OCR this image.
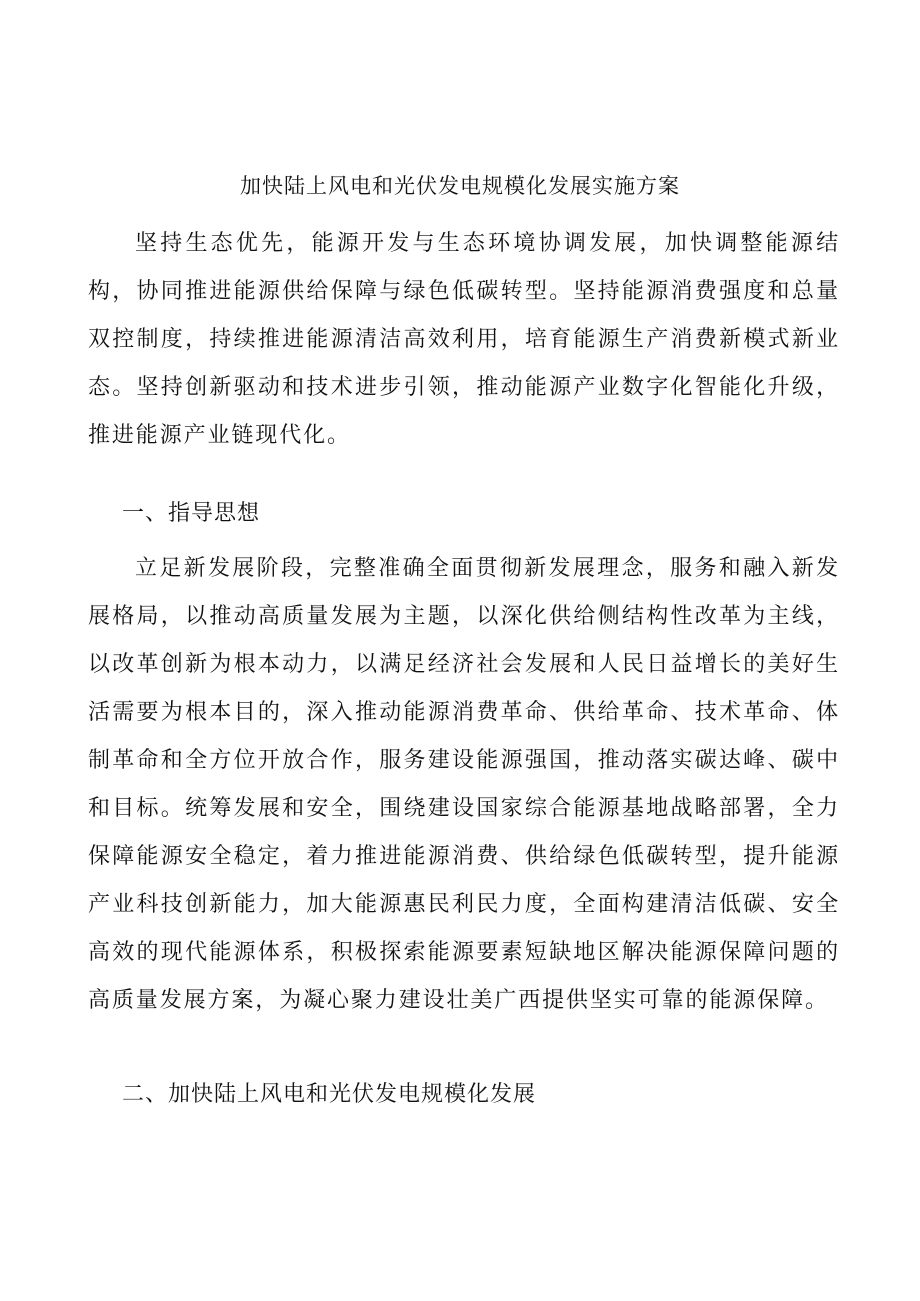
加快陆上风电和光伏发电规模化发展实施方案

坚持生态优先，能源开发与生态环境协调发展，加快调整能源结构，协同推进能源供给保障与绿色低碳转型。坚持能源消费强度和总量双控制度，持续推进能源清洁高效利用，培育能源生产消费新模式新业态。坚持创新驱动和技术进步引领，推动能源产业数字化智能化升级，推进能源产业链现代化。

一、指导思想

立足新发展阶段，完整准确全面贯彻新发展理念，服务和融入新发展格局，以推动高质量发展为主题，以深化供给侧结构性改革为主线，以改革创新为根本动力，以满足经济社会发展和人民日益增长的美好生活需要为根本目的，深入推动能源消费革命、供给革命、技术革命、体制革命和全方位开放合作，服务建设能源强国，推动落实碳达峰、碳中和目标。统筹发展和安全，围绕建设国家综合能源基地战略部署，全力保障能源安全稳定，着力推进能源消费、供给绿色低碳转型，提升能源产业科技创新能力，加大能源惠民利民力度，全面构建清洁低碳、安全高效的现代能源体系，积极探索能源要素短缺地区解决能源保障问题的高质量发展方案，为凝心聚力建设壮美广西提供坚实可靠的能源保障。

二、加快陆上风电和光伏发电规模化发展
